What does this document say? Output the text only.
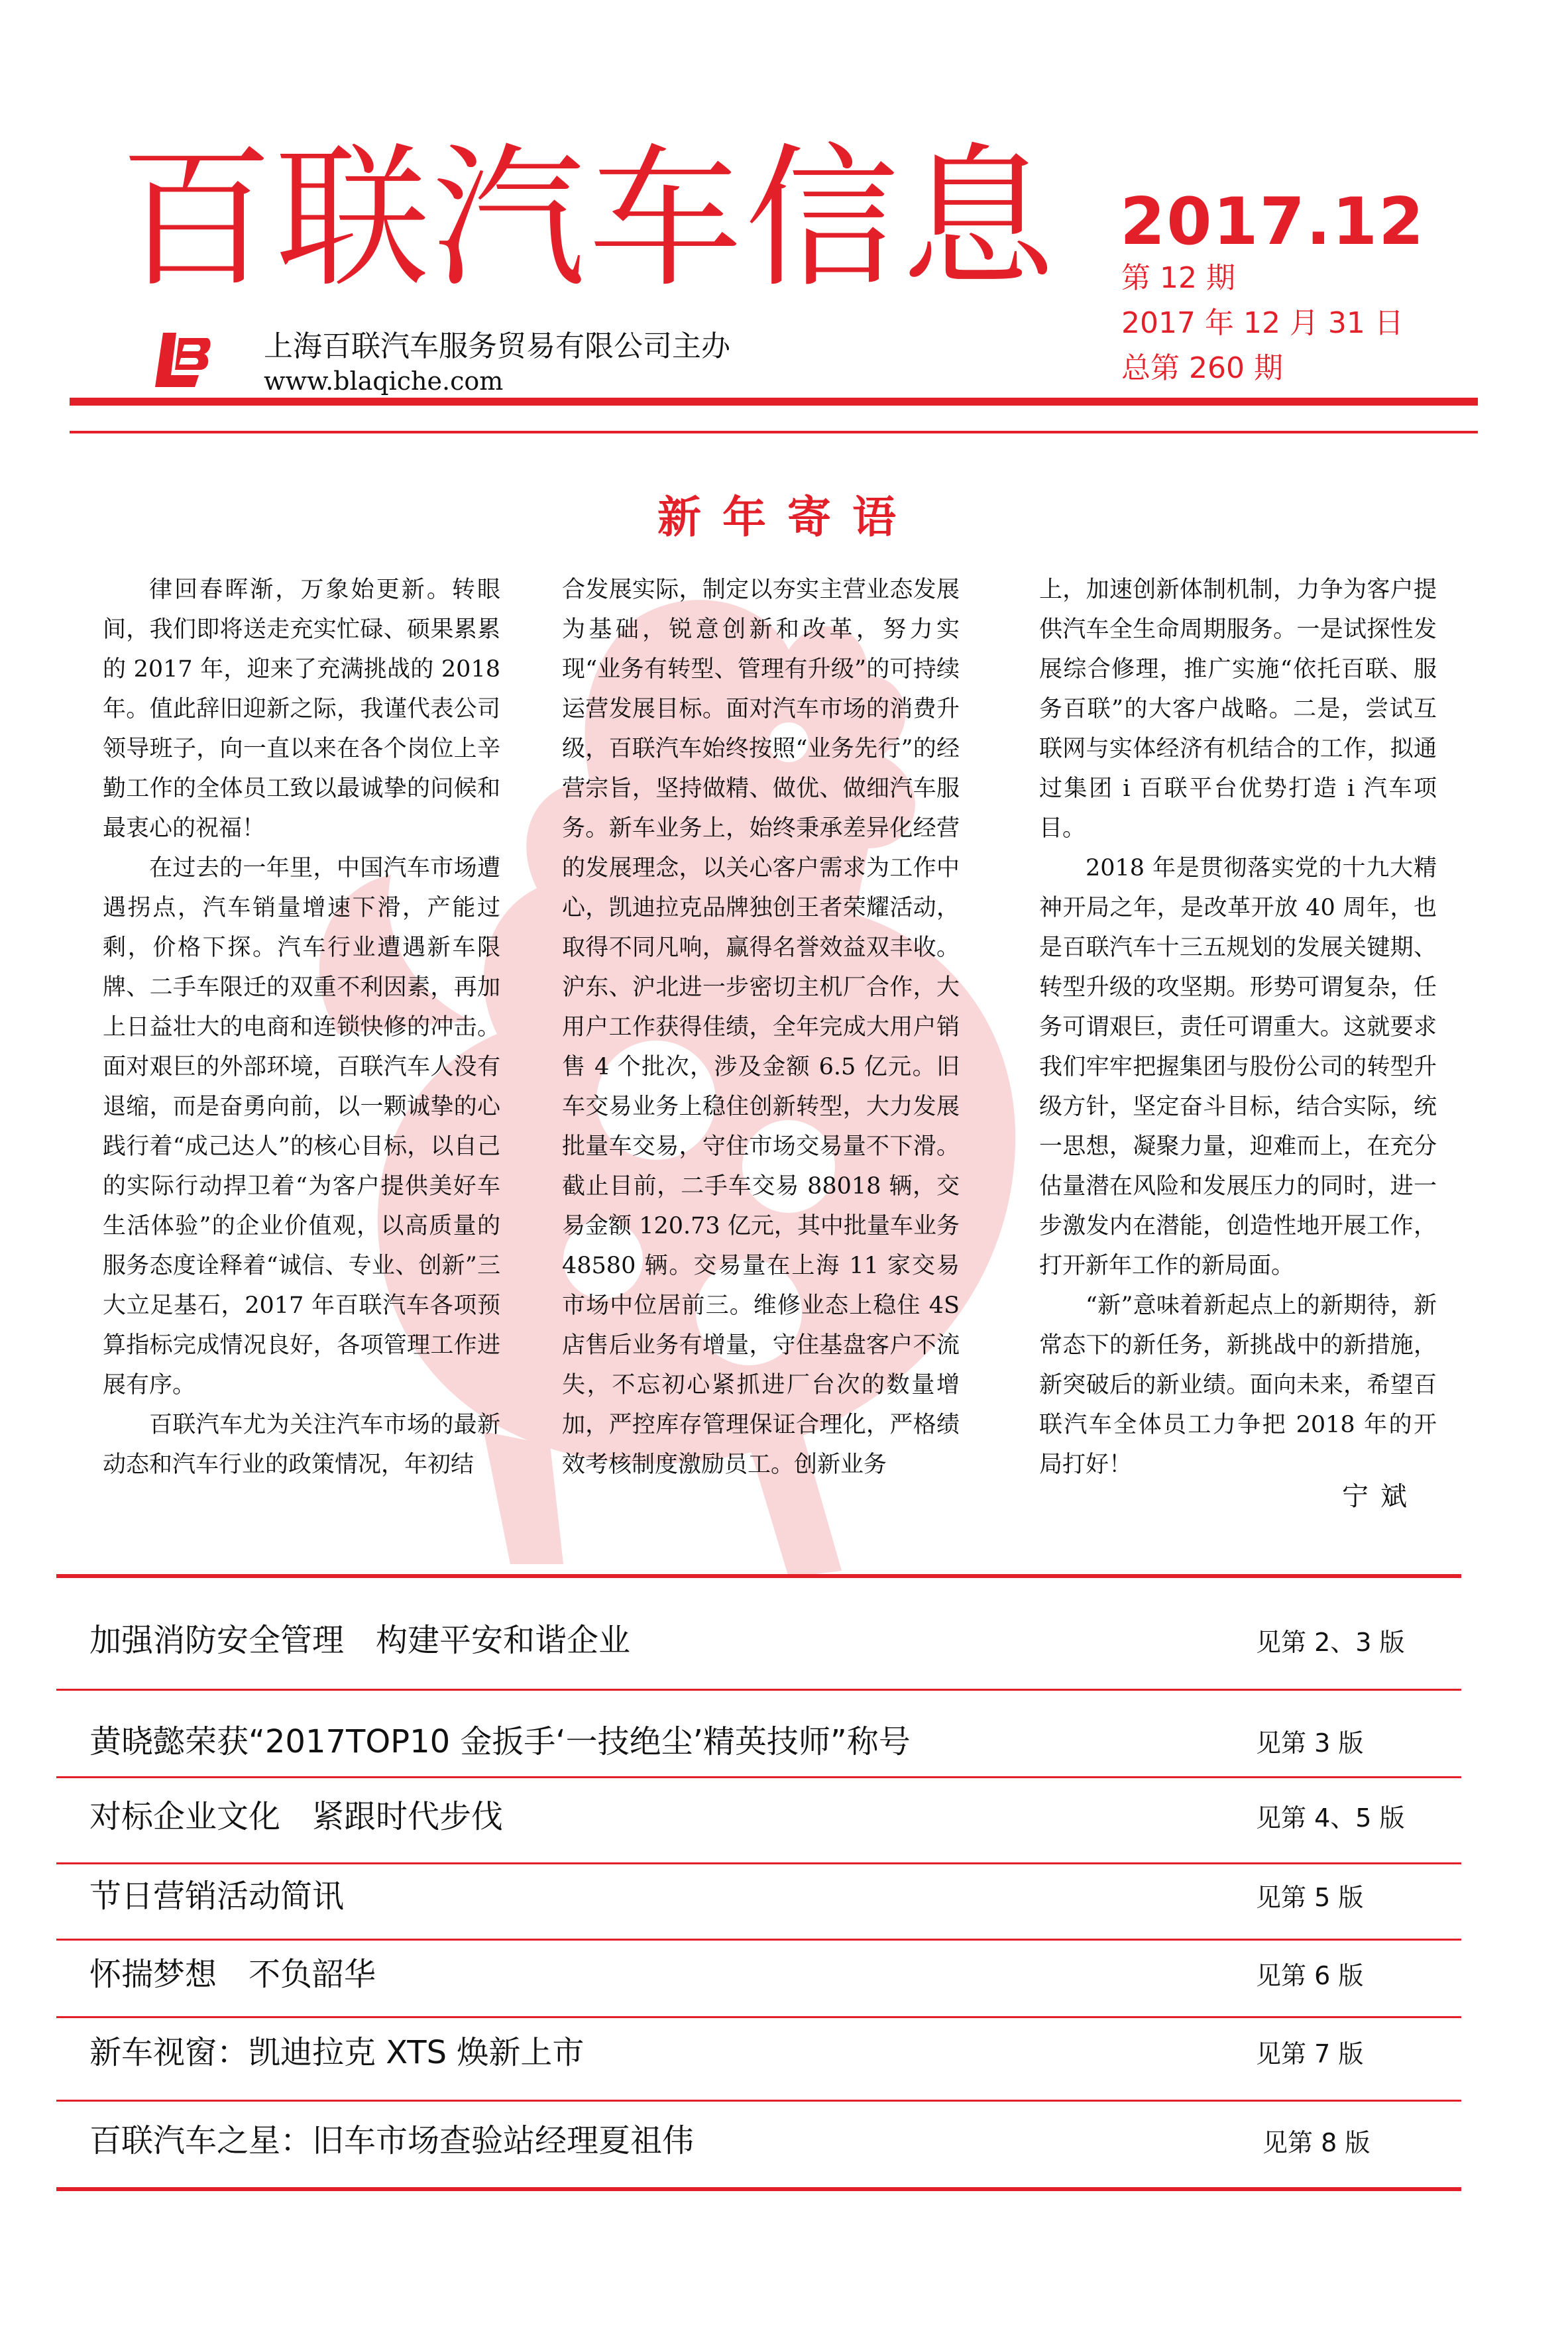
百联汽车信息
上海百联汽车服务贸易有限公司主办
www.blaqiche.com
2017.12
第 12 期
2017 年 12 月 31 日
总第 260 期
新年寄语

律回春晖渐，万象始更新。转眼间，我们即将送走充实忙碌、硕果累累的 2017 年，迎来了充满挑战的 2018 年。值此辞旧迎新之际，我谨代表公司领导班子，向一直以来在各个岗位上辛勤工作的全体员工致以最诚挚的问候和最衷心的祝福！

在过去的一年里，中国汽车市场遭遇拐点，汽车销量增速下滑，产能过剩，价格下探。汽车行业遭遇新车限牌、二手车限迁的双重不利因素，再加上日益壮大的电商和连锁快修的冲击。面对艰巨的外部环境，百联汽车人没有退缩，而是奋勇向前，以一颗诚挚的心践行着“成己达人”的核心目标，以自己的实际行动捍卫着“为客户提供美好车生活体验”的企业价值观，以高质量的服务态度诠释着“诚信、专业、创新”三大立足基石，2017 年百联汽车各项预算指标完成情况良好，各项管理工作进展有序。

百联汽车尤为关注汽车市场的最新动态和汽车行业的政策情况，年初结

合发展实际，制定以夯实主营业态发展为基础，锐意创新和改革，努力实现“业务有转型、管理有升级”的可持续运营发展目标。面对汽车市场的消费升级，百联汽车始终按照“业务先行”的经营宗旨，坚持做精、做优、做细汽车服务。新车业务上，始终秉承差异化经营的发展理念，以关心客户需求为工作中心，凯迪拉克品牌独创王者荣耀活动，取得不同凡响，赢得名誉效益双丰收。沪东、沪北进一步密切主机厂合作，大用户工作获得佳绩，全年完成大用户销售 4 个批次，涉及金额 6.5 亿元。旧车交易业务上稳住创新转型，大力发展批量车交易，守住市场交易量不下滑。截止目前，二手车交易 88018 辆，交易金额 120.73 亿元，其中批量车业务 48580 辆。交易量在上海 11 家交易市场中位居前三。维修业态上稳住 4S 店售后业务有增量，守住基盘客户不流失，不忘初心紧抓进厂台次的数量增加，严控库存管理保证合理化，严格绩效考核制度激励员工。创新业务

上，加速创新体制机制，力争为客户提供汽车全生命周期服务。一是试探性发展综合修理，推广实施“依托百联、服务百联”的大客户战略。二是，尝试互联网与实体经济有机结合的工作，拟通过集团 i 百联平台优势打造 i 汽车项目。

2018 年是贯彻落实党的十九大精神开局之年，是改革开放 40 周年，也是百联汽车十三五规划的发展关键期、转型升级的攻坚期。形势可谓复杂，任务可谓艰巨，责任可谓重大。这就要求我们牢牢把握集团与股份公司的转型升级方针，坚定奋斗目标，结合实际，统一思想，凝聚力量，迎难而上，在充分估量潜在风险和发展压力的同时，进一步激发内在潜能，创造性地开展工作，打开新年工作的新局面。

“新”意味着新起点上的新期待，新常态下的新任务，新挑战中的新措施，新突破后的新业绩。面向未来，希望百联汽车全体员工力争把 2018 年的开局打好！

宁斌
加强消防安全管理　构建平安和谐企业	见第 2、3 版
黄晓懿荣获“2017TOP10 金扳手‘一技绝尘’精英技师”称号	见第 3 版
对标企业文化　紧跟时代步伐	见第 4、5 版
节日营销活动简讯	见第 5 版
怀揣梦想　不负韶华	见第 6 版
新车视窗：凯迪拉克 XTS 焕新上市	见第 7 版
百联汽车之星：旧车市场查验站经理夏祖伟	见第 8 版
